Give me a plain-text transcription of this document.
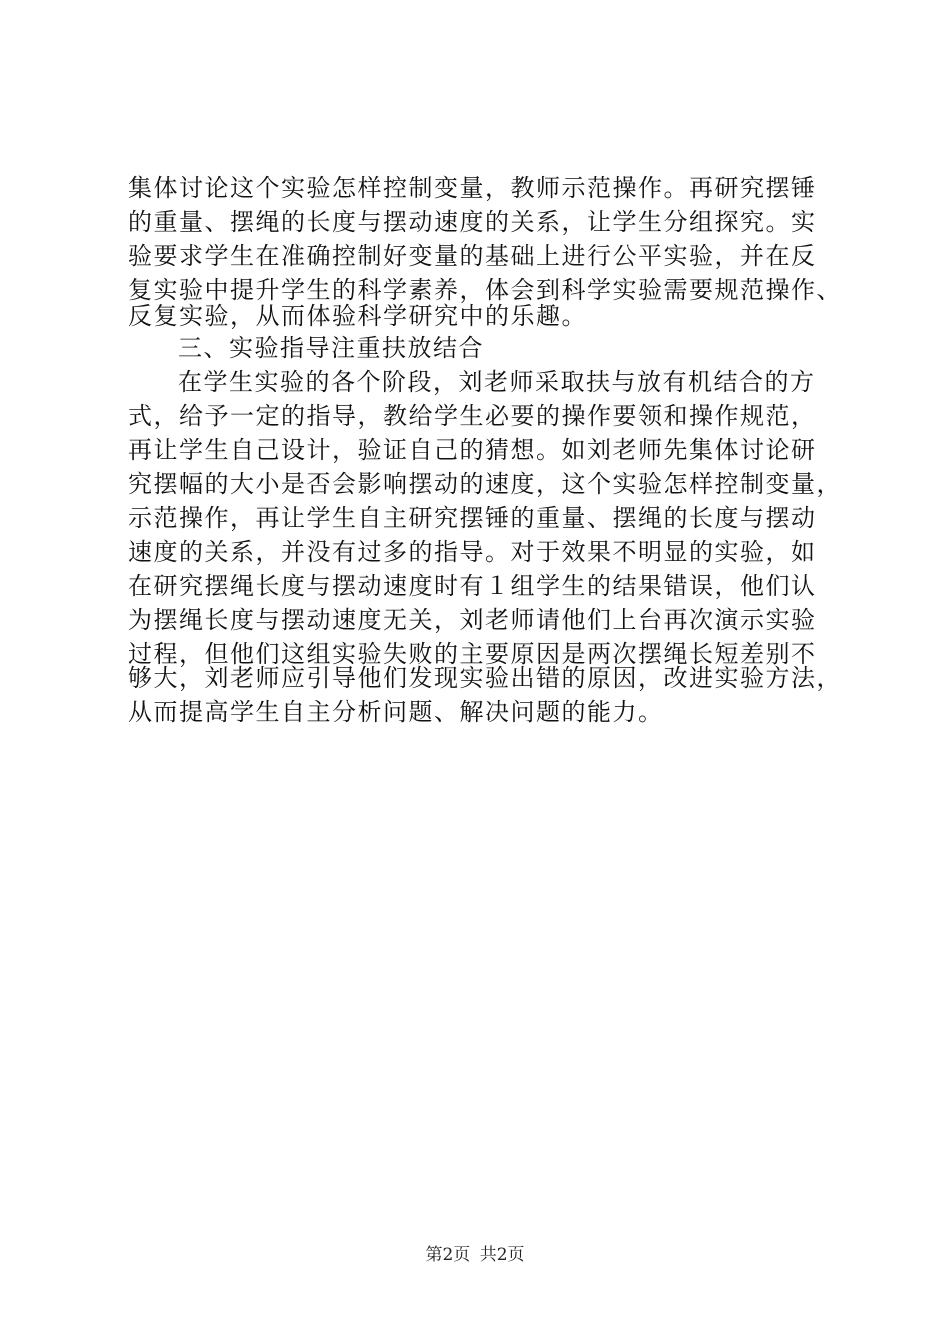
集体讨论这个实验怎样控制变量，教师示范操作。再研究摆锤
的重量、摆绳的长度与摆动速度的关系，让学生分组探究。实
验要求学生在准确控制好变量的基础上进行公平实验，并在反
复实验中提升学生的科学素养，体会到科学实验需要规范操作、
反复实验，从而体验科学研究中的乐趣。
三、实验指导注重扶放结合
在学生实验的各个阶段，刘老师采取扶与放有机结合的方
式，给予一定的指导，教给学生必要的操作要领和操作规范，
再让学生自己设计，验证自己的猜想。如刘老师先集体讨论研
究摆幅的大小是否会影响摆动的速度，这个实验怎样控制变量，
示范操作，再让学生自主研究摆锤的重量、摆绳的长度与摆动
速度的关系，并没有过多的指导。对于效果不明显的实验，如
在研究摆绳长度与摆动速度时有１组学生的结果错误，他们认
为摆绳长度与摆动速度无关，刘老师请他们上台再次演示实验
过程，但他们这组实验失败的主要原因是两次摆绳长短差别不
够大，刘老师应引导他们发现实验出错的原因，改进实验方法，
从而提高学生自主分析问题、解决问题的能力。
第2页 共2页
